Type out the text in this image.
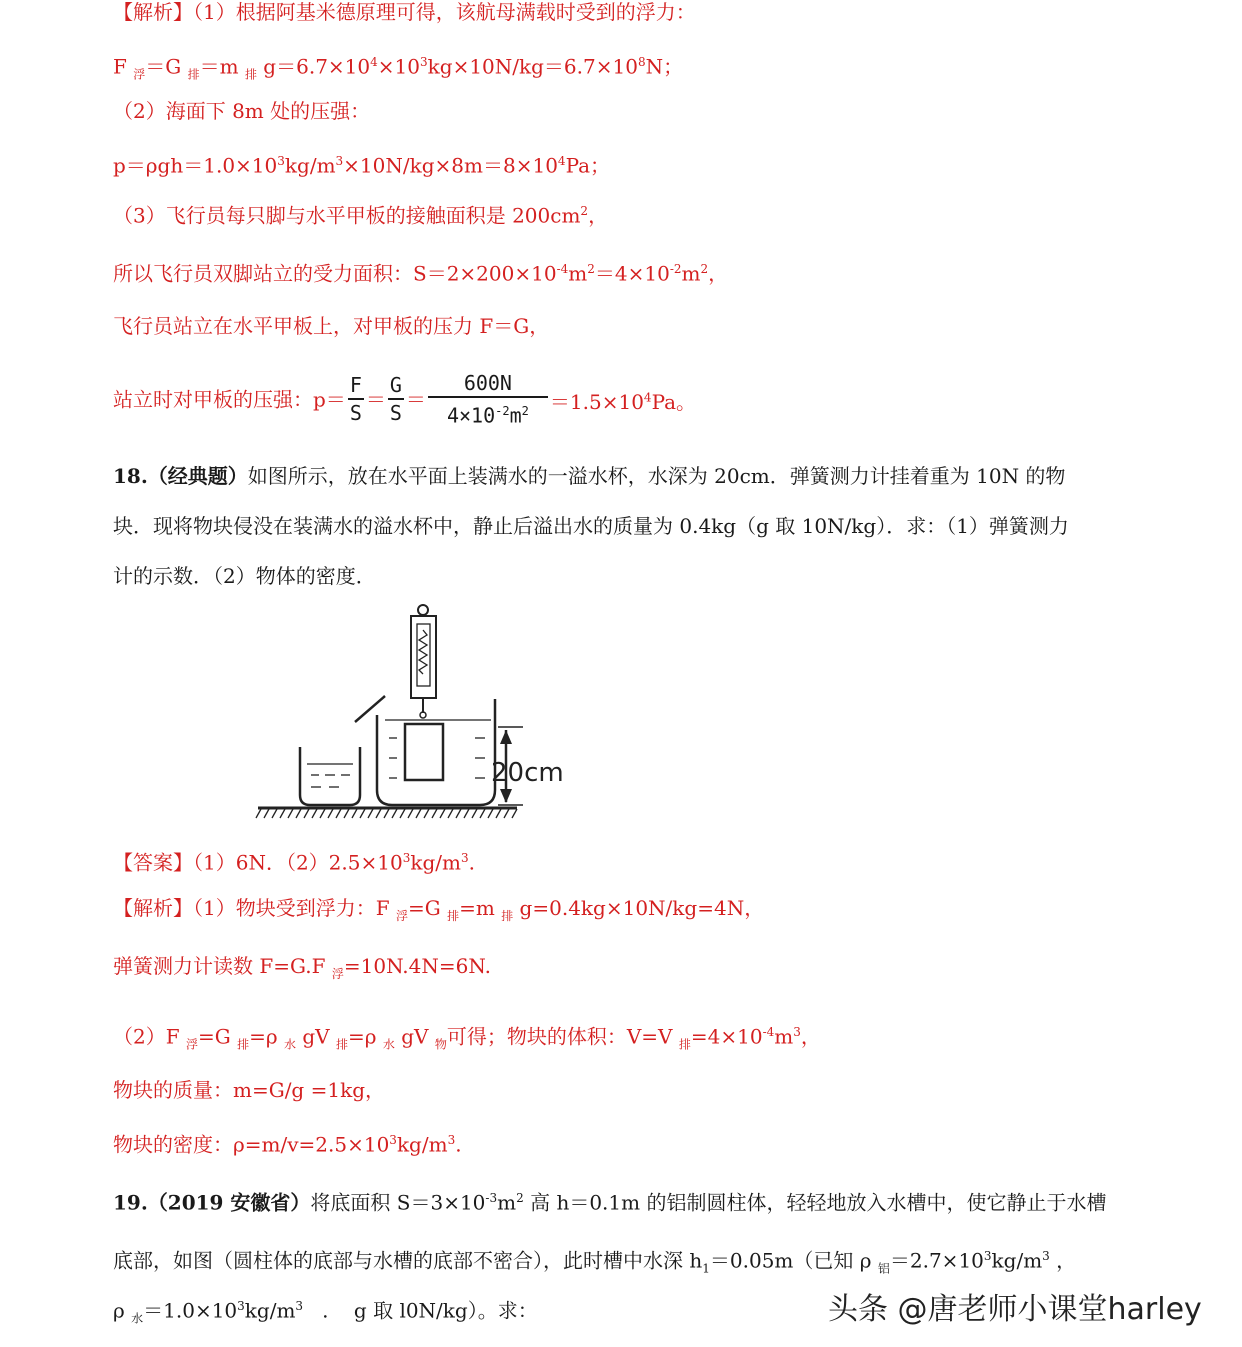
【解析】（1）根据阿基米德原理可得，该航母满载时受到的浮力：
F $_浮$＝G $_排$＝m $_排$ $g=6.7\times 10^4\times 10^3kg\times 10N/kg=6.7\times 10^8N$；
（2）海面下 8m 处的压强：
$p=\rho gh=1.0\times 10^3kg/m^3\times 10N/kg\times 8m=8\times 10^4Pa$；
（3）飞行员每只脚与水平甲板的接触面积是 $200cm^2$，
所以飞行员双脚站立的受力面积：$S=2\times 200\times 10^{-4}m^2=4\times 10^{-2}m^2$，
飞行员站立在水平甲板上，对甲板的压力 F＝G，
站立时对甲板的压强：$p= \frac{F}{S} = \frac{G}{S} = \frac{600N}{4\times 10^{-2}m^2} =1.5\times 10^4Pa$。
18.（经典题）如图所示，放在水平面上装满水的一溢水杯，水深为 20cm．弹簧测力计挂着重为 10N 的物
块．现将物块侵没在装满水的溢水杯中，静止后溢出水的质量为 0.4kg（g 取 10N/kg）．求：（1）弹簧测力
计的示数．（2）物体的密度．
20cm
【答案】（1）6N．$(2)2.5\times 10^3kg/m^3$.
【解析】（1）物块受到浮力：F $_浮$=G $_排$=m $_排$ g=0.4kg×10N/kg=4N，
弹簧测力计读数 F=G.F $_浮$=10N.4N=6N.
（2）F $_浮$=G $_排$=ρ $_水$ gV $_排$=ρ $_水$ gV $_物$可得；物块的体积：V=V $_排=4\times 10^{-4}m^3$，
物块的质量：m=G/g =1kg，
物块的密度：$\rho=m/v=2.5\times 10^3kg/m^3$.
19.（2019 安徽省）将底面积 $S=3\times 10^{-3}m^2$ 高 h＝0.1m 的铝制圆柱体，轻轻地放入水槽中，使它静止于水槽
底部，如图（圆柱体的底部与水槽的底部不密合），此时槽中水深 $h_1=0.05m$（已知 ρ $_铝=2.7\times 10^3kg/m^3$ ，
ρ $_水=1.0\times 10^3kg/m^3$   .    g 取 l0N/kg）。求：	头条 @唐老师小课堂harley
